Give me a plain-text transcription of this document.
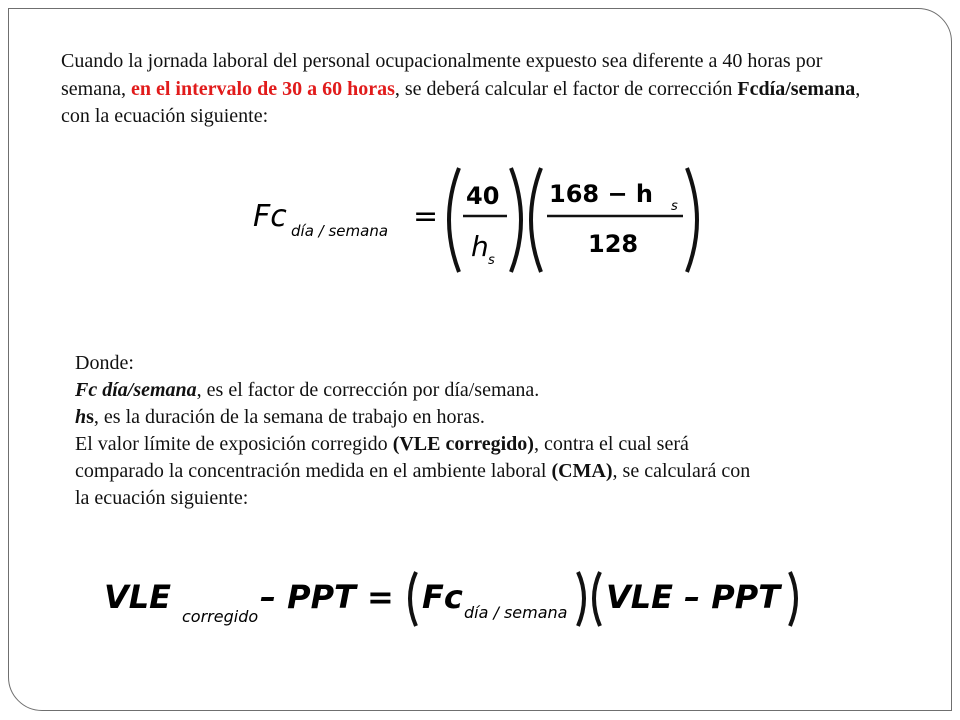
Cuando la jornada laboral del personal ocupacionalmente expuesto sea diferente a 40 horas por semana, en el intervalo de 30 a 60 horas, se deberá calcular el factor de corrección Fcdía/semana, con la ecuación siguiente:
Fc día / semana =
40
h s
168 − h s
128
Donde:
Fc día/semana, es el factor de corrección por día/semana.
hs, es la duración de la semana de trabajo en horas.
El valor límite de exposición corregido (VLE corregido), contra el cual será
comparado la concentración medida en el ambiente laboral (CMA), se calculará con
la ecuación siguiente:
VLE
corregido
– PPT = Fc día / semana VLE – PPT
